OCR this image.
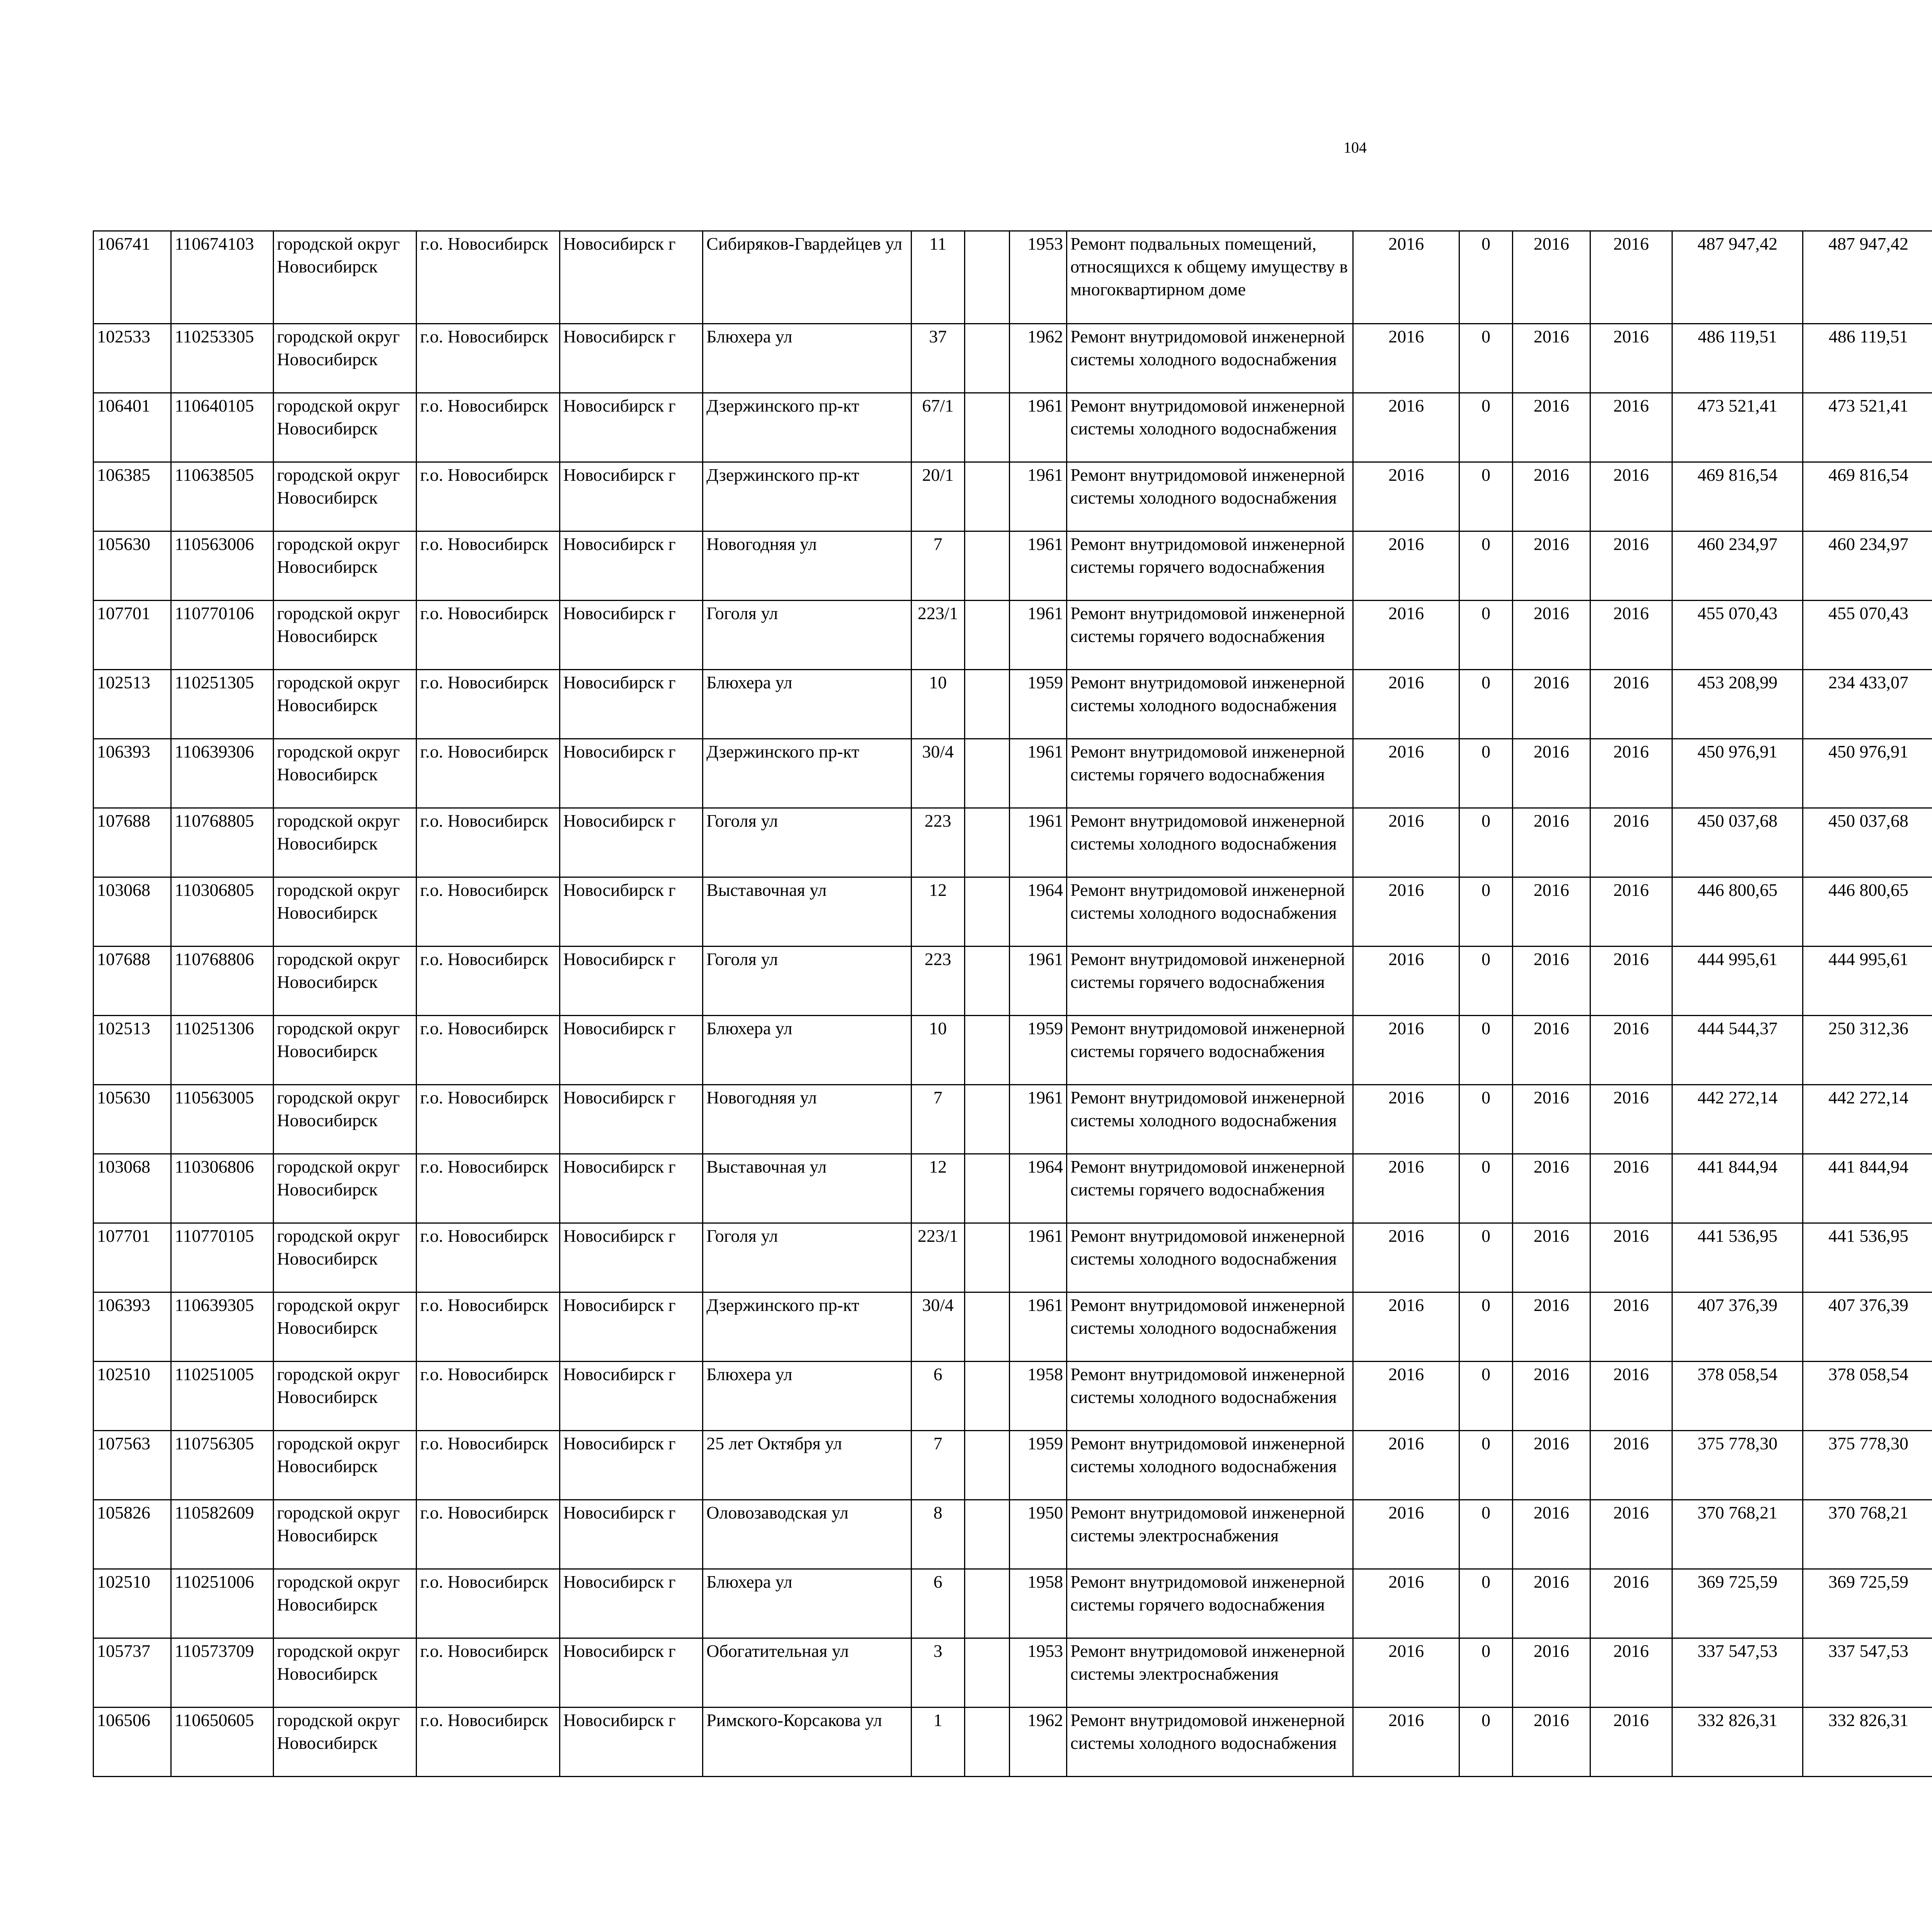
104
106741	110674103	городской округ Новосибирск	г.о. Новосибирск	Новосибирск г	Сибиряков-Гвардейцев ул	11		1953	Ремонт подвальных помещений, относящихся к общему имуществу в многоквартирном доме	2016	0	2016	2016	487 947,42	487 947,42					
102533	110253305	городской округ Новосибирск	г.о. Новосибирск	Новосибирск г	Блюхера ул	37		1962	Ремонт внутридомовой инженерной системы холодного водоснабжения	2016	0	2016	2016	486 119,51	486 119,51					
106401	110640105	городской округ Новосибирск	г.о. Новосибирск	Новосибирск г	Дзержинского пр-кт	67/1		1961	Ремонт внутридомовой инженерной системы холодного водоснабжения	2016	0	2016	2016	473 521,41	473 521,41					
106385	110638505	городской округ Новосибирск	г.о. Новосибирск	Новосибирск г	Дзержинского пр-кт	20/1		1961	Ремонт внутридомовой инженерной системы холодного водоснабжения	2016	0	2016	2016	469 816,54	469 816,54					
105630	110563006	городской округ Новосибирск	г.о. Новосибирск	Новосибирск г	Новогодняя ул	7		1961	Ремонт внутридомовой инженерной системы горячего водоснабжения	2016	0	2016	2016	460 234,97	460 234,97					
107701	110770106	городской округ Новосибирск	г.о. Новосибирск	Новосибирск г	Гоголя ул	223/1		1961	Ремонт внутридомовой инженерной системы горячего водоснабжения	2016	0	2016	2016	455 070,43	455 070,43					
102513	110251305	городской округ Новосибирск	г.о. Новосибирск	Новосибирск г	Блюхера ул	10		1959	Ремонт внутридомовой инженерной системы холодного водоснабжения	2016	0	2016	2016	453 208,99	234 433,07					
106393	110639306	городской округ Новосибирск	г.о. Новосибирск	Новосибирск г	Дзержинского пр-кт	30/4		1961	Ремонт внутридомовой инженерной системы горячего водоснабжения	2016	0	2016	2016	450 976,91	450 976,91					
107688	110768805	городской округ Новосибирск	г.о. Новосибирск	Новосибирск г	Гоголя ул	223		1961	Ремонт внутридомовой инженерной системы холодного водоснабжения	2016	0	2016	2016	450 037,68	450 037,68					
103068	110306805	городской округ Новосибирск	г.о. Новосибирск	Новосибирск г	Выставочная ул	12		1964	Ремонт внутридомовой инженерной системы холодного водоснабжения	2016	0	2016	2016	446 800,65	446 800,65					
107688	110768806	городской округ Новосибирск	г.о. Новосибирск	Новосибирск г	Гоголя ул	223		1961	Ремонт внутридомовой инженерной системы горячего водоснабжения	2016	0	2016	2016	444 995,61	444 995,61					
102513	110251306	городской округ Новосибирск	г.о. Новосибирск	Новосибирск г	Блюхера ул	10		1959	Ремонт внутридомовой инженерной системы горячего водоснабжения	2016	0	2016	2016	444 544,37	250 312,36					
105630	110563005	городской округ Новосибирск	г.о. Новосибирск	Новосибирск г	Новогодняя ул	7		1961	Ремонт внутридомовой инженерной системы холодного водоснабжения	2016	0	2016	2016	442 272,14	442 272,14					
103068	110306806	городской округ Новосибирск	г.о. Новосибирск	Новосибирск г	Выставочная ул	12		1964	Ремонт внутридомовой инженерной системы горячего водоснабжения	2016	0	2016	2016	441 844,94	441 844,94					
107701	110770105	городской округ Новосибирск	г.о. Новосибирск	Новосибирск г	Гоголя ул	223/1		1961	Ремонт внутридомовой инженерной системы холодного водоснабжения	2016	0	2016	2016	441 536,95	441 536,95					
106393	110639305	городской округ Новосибирск	г.о. Новосибирск	Новосибирск г	Дзержинского пр-кт	30/4		1961	Ремонт внутридомовой инженерной системы холодного водоснабжения	2016	0	2016	2016	407 376,39	407 376,39					
102510	110251005	городской округ Новосибирск	г.о. Новосибирск	Новосибирск г	Блюхера ул	6		1958	Ремонт внутридомовой инженерной системы холодного водоснабжения	2016	0	2016	2016	378 058,54	378 058,54					
107563	110756305	городской округ Новосибирск	г.о. Новосибирск	Новосибирск г	25 лет Октября ул	7		1959	Ремонт внутридомовой инженерной системы холодного водоснабжения	2016	0	2016	2016	375 778,30	375 778,30					
105826	110582609	городской округ Новосибирск	г.о. Новосибирск	Новосибирск г	Оловозаводская ул	8		1950	Ремонт внутридомовой инженерной системы электроснабжения	2016	0	2016	2016	370 768,21	370 768,21					
102510	110251006	городской округ Новосибирск	г.о. Новосибирск	Новосибирск г	Блюхера ул	6		1958	Ремонт внутридомовой инженерной системы горячего водоснабжения	2016	0	2016	2016	369 725,59	369 725,59					
105737	110573709	городской округ Новосибирск	г.о. Новосибирск	Новосибирск г	Обогатительная ул	3		1953	Ремонт внутридомовой инженерной системы электроснабжения	2016	0	2016	2016	337 547,53	337 547,53					
106506	110650605	городской округ Новосибирск	г.о. Новосибирск	Новосибирск г	Римского-Корсакова ул	1		1962	Ремонт внутридомовой инженерной системы холодного водоснабжения	2016	0	2016	2016	332 826,31	332 826,31					
